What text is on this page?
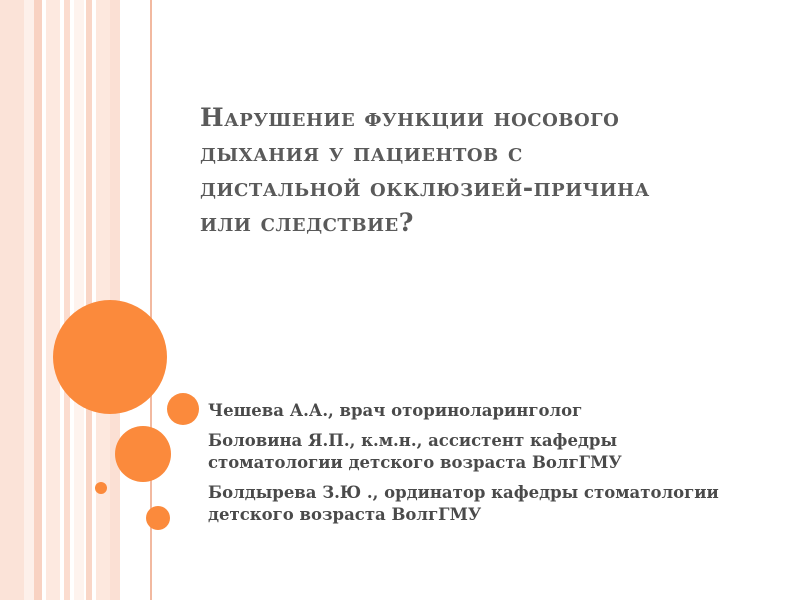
Нарушение функции носового
дыхания у пациентов с
дистальной окклюзией-причина
или следствие?

Чешева А.А., врач оториноларинголог

Боловина Я.П., к.м.н., ассистент кафедры
стоматологии детского возраста ВолгГМУ

Болдырева З.Ю ., ординатор кафедры стоматологии
детского возраста ВолгГМУ
